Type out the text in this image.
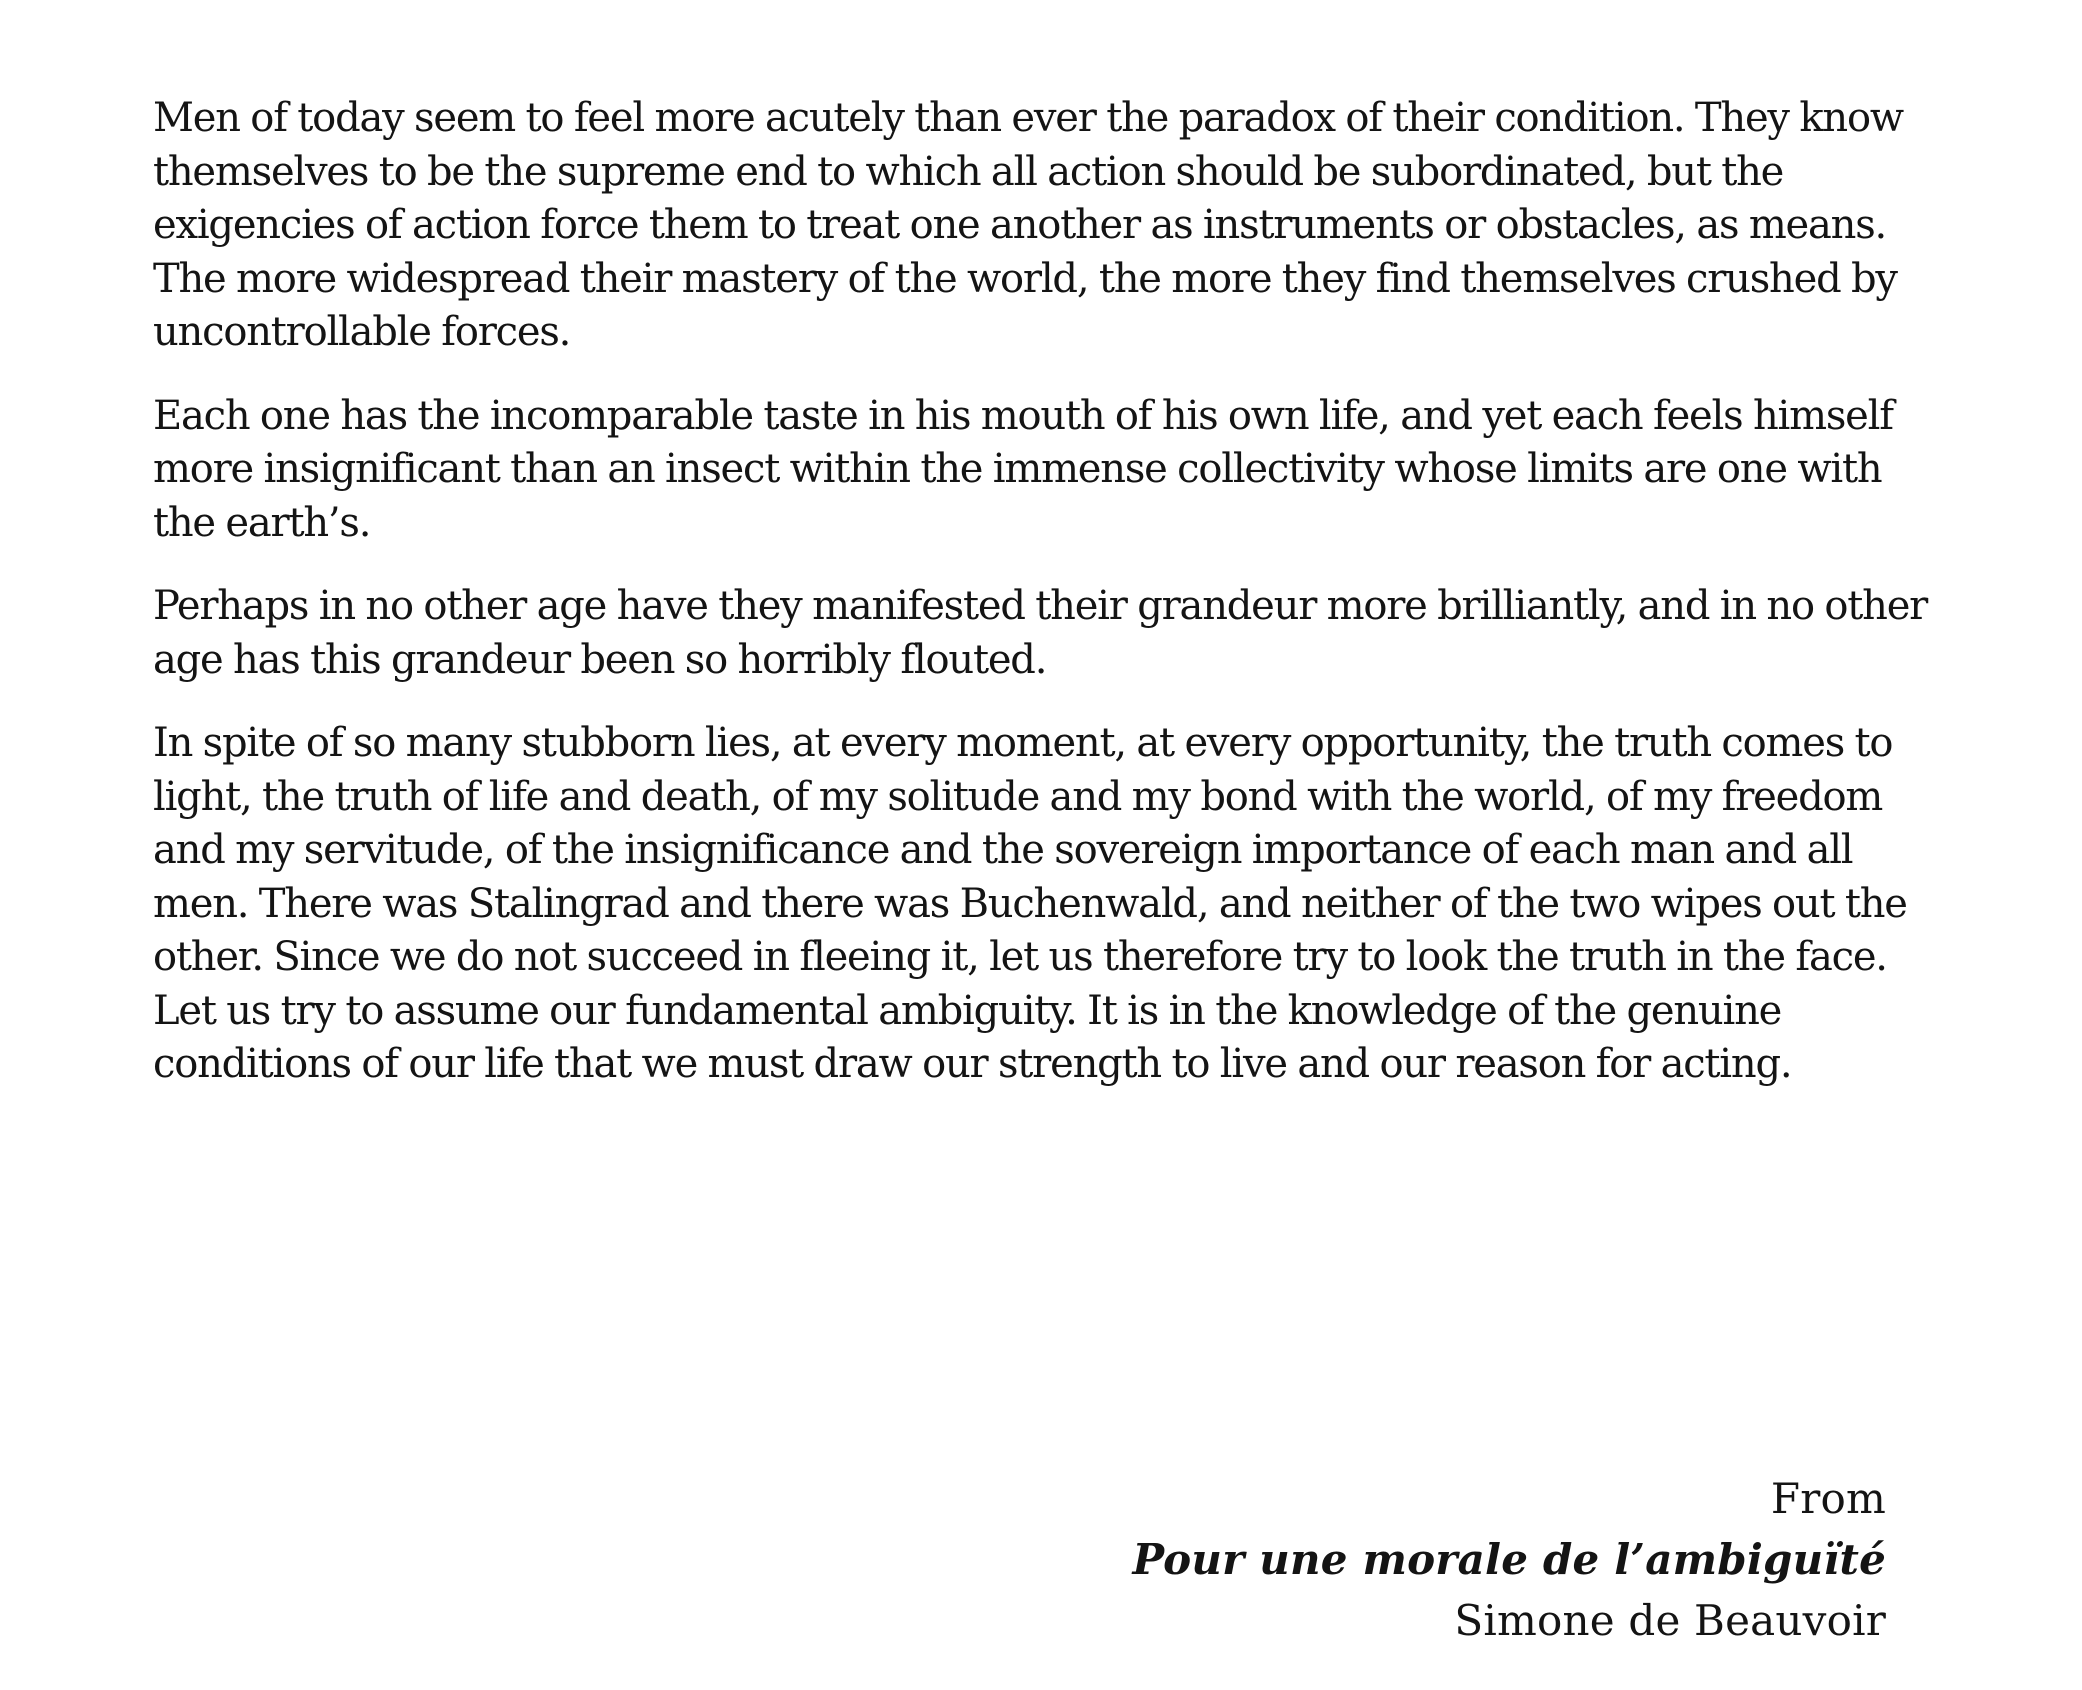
Men of today seem to feel more acutely than ever the paradox of their condition. They know themselves to be the supreme end to which all action should be subordinated, but the exigencies of action force them to treat one another as instruments or obstacles, as means. The more widespread their mastery of the world, the more they find themselves crushed by uncontrollable forces.

Each one has the incomparable taste in his mouth of his own life, and yet each feels himself more insignificant than an insect within the immense collectivity whose limits are one with the earth’s.

Perhaps in no other age have they manifested their grandeur more brilliantly, and in no other age has this grandeur been so horribly flouted.

In spite of so many stubborn lies, at every moment, at every opportunity, the truth comes to light, the truth of life and death, of my solitude and my bond with the world, of my freedom and my servitude, of the insignificance and the sovereign importance of each man and all men. There was Stalingrad and there was Buchenwald, and neither of the two wipes out the other. Since we do not succeed in fleeing it, let us therefore try to look the truth in the face. Let us try to assume our fundamental ambiguity. It is in the knowledge of the genuine conditions of our life that we must draw our strength to live and our reason for acting.

From
Pour une morale de l’ambiguïté
Simone de Beauvoir
